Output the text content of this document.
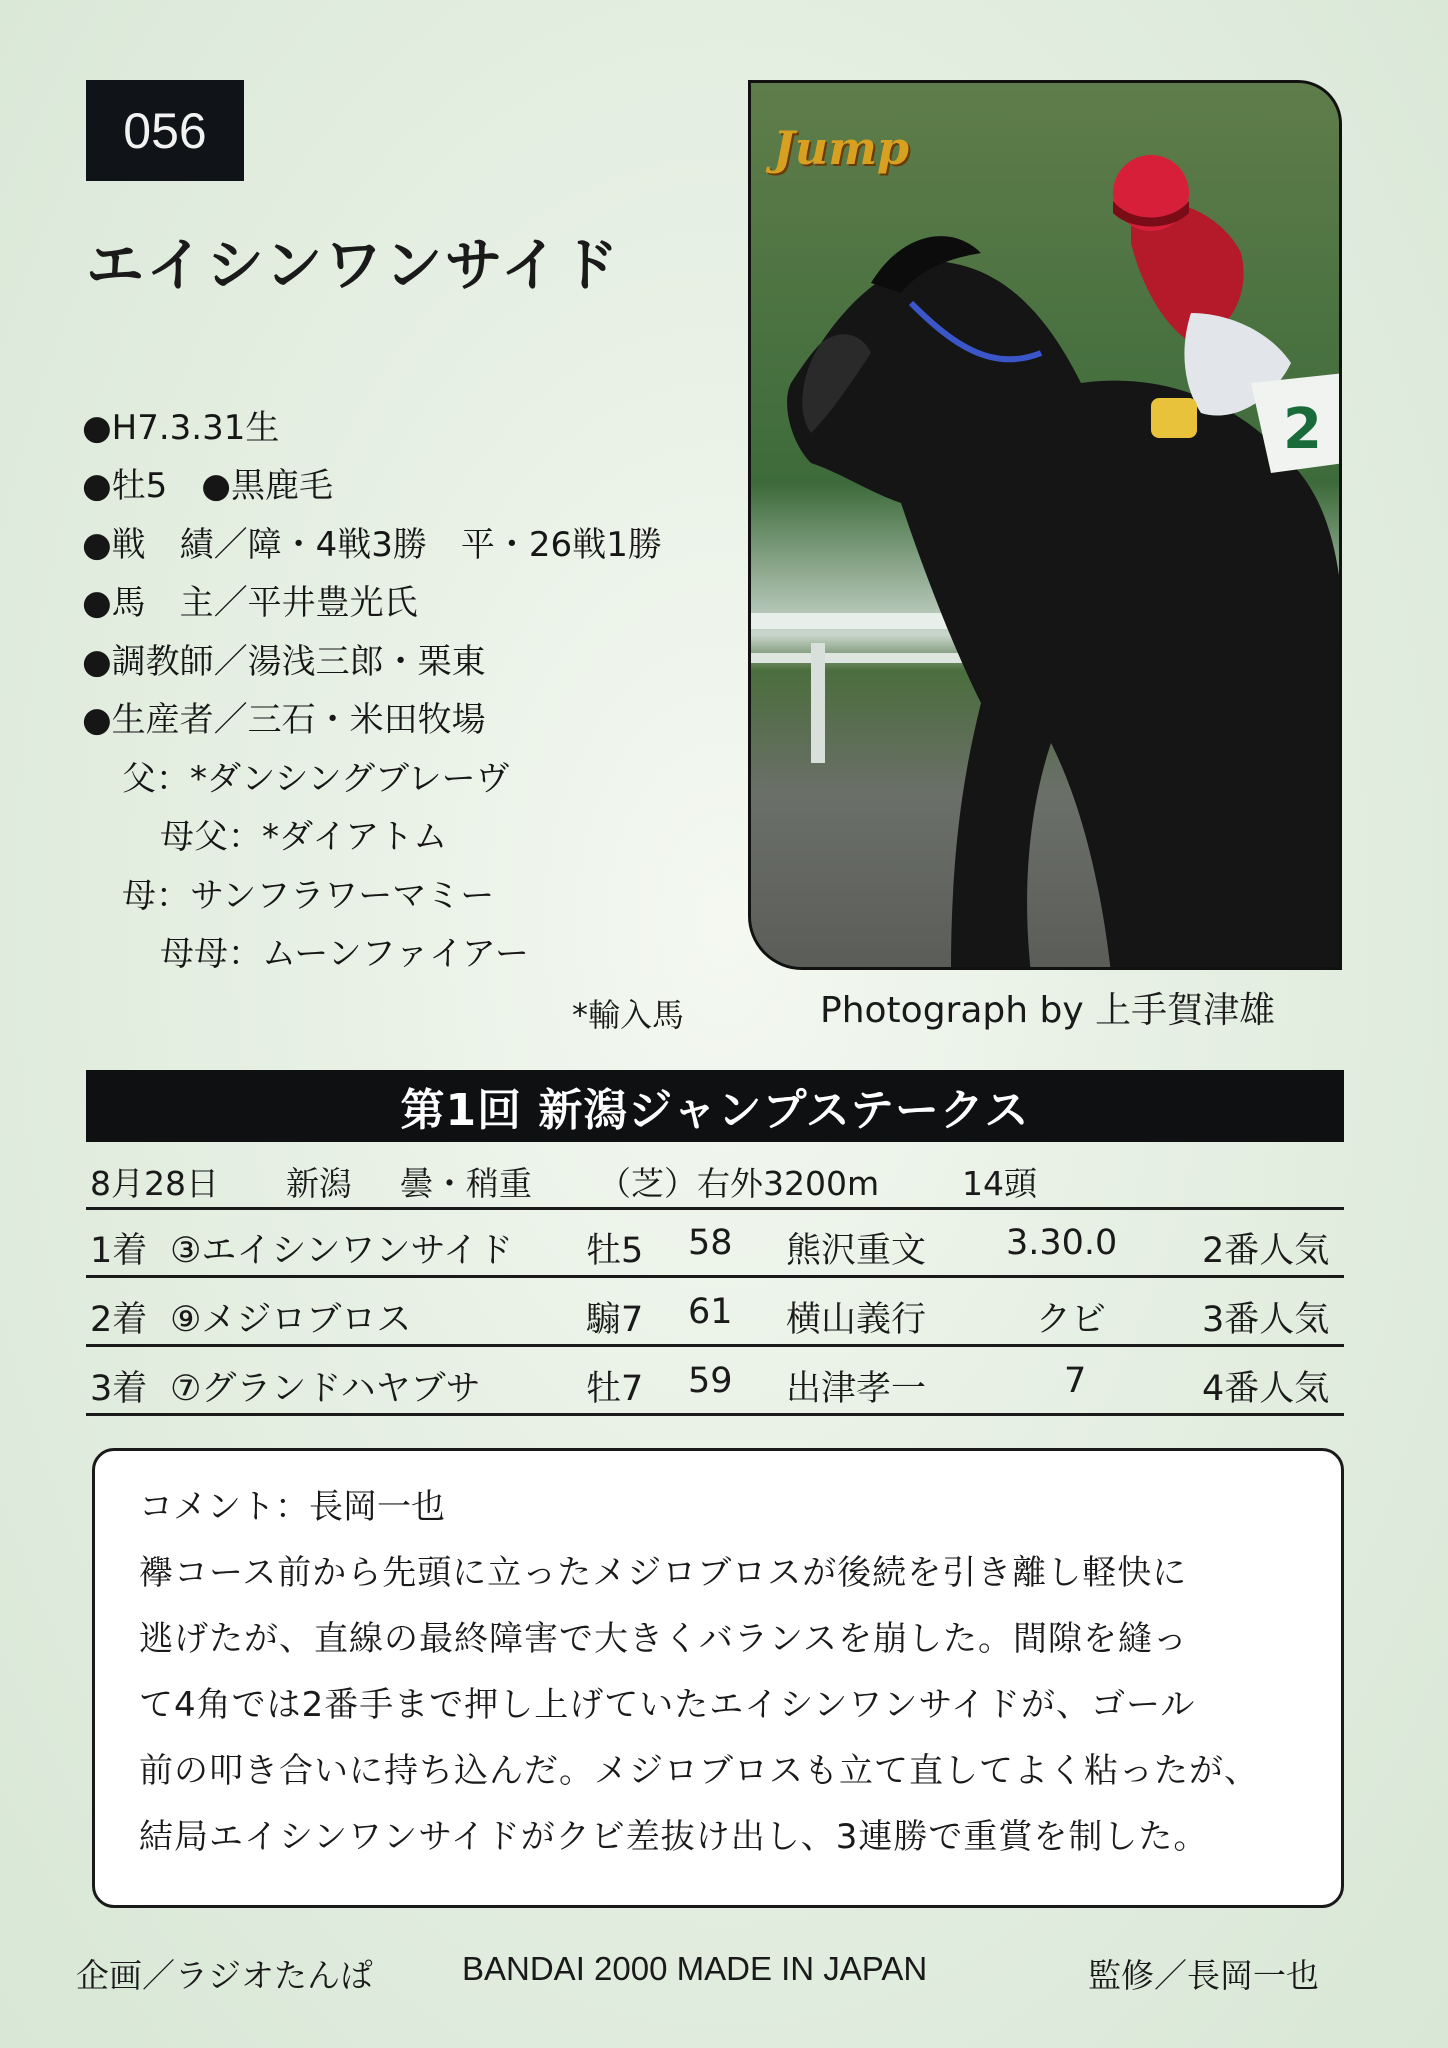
056
エイシンワンサイド
●H7.3.31生
●牡5　●黒鹿毛
●戦　績／障・4戦3勝　平・26戦1勝
●馬　主／平井豊光氏
●調教師／湯浅三郎・栗東
●生産者／三石・米田牧場
父：*ダンシングブレーヴ
母父：*ダイアトム
母：サンフラワーマミー
母母：ムーンファイアー
*輸入馬
2
Jump
Photograph by 上手賀津雄
第1回 新潟ジャンプステークス
8月28日 新潟 曇・稍重 （芝）右外3200m	14頭
1着 ③エイシンワンサイド 牡5 58 熊沢重文 3.30.0 2番人気
2着 ⑨メジロブロス	騸7 61 横山義行	クビ	3番人気
3着 ⑦グランドハヤブサ	牡7 59 出津孝一	7	4番人気
コメント：長岡一也
襷コース前から先頭に立ったメジロブロスが後続を引き離し軽快に
逃げたが、直線の最終障害で大きくバランスを崩した。間隙を縫っ
て4角では2番手まで押し上げていたエイシンワンサイドが、ゴール
前の叩き合いに持ち込んだ。メジロブロスも立て直してよく粘ったが、
結局エイシンワンサイドがクビ差抜け出し、3連勝で重賞を制した。
企画／ラジオたんぱ	BANDAI 2000 MADE IN JAPAN	監修／長岡一也
